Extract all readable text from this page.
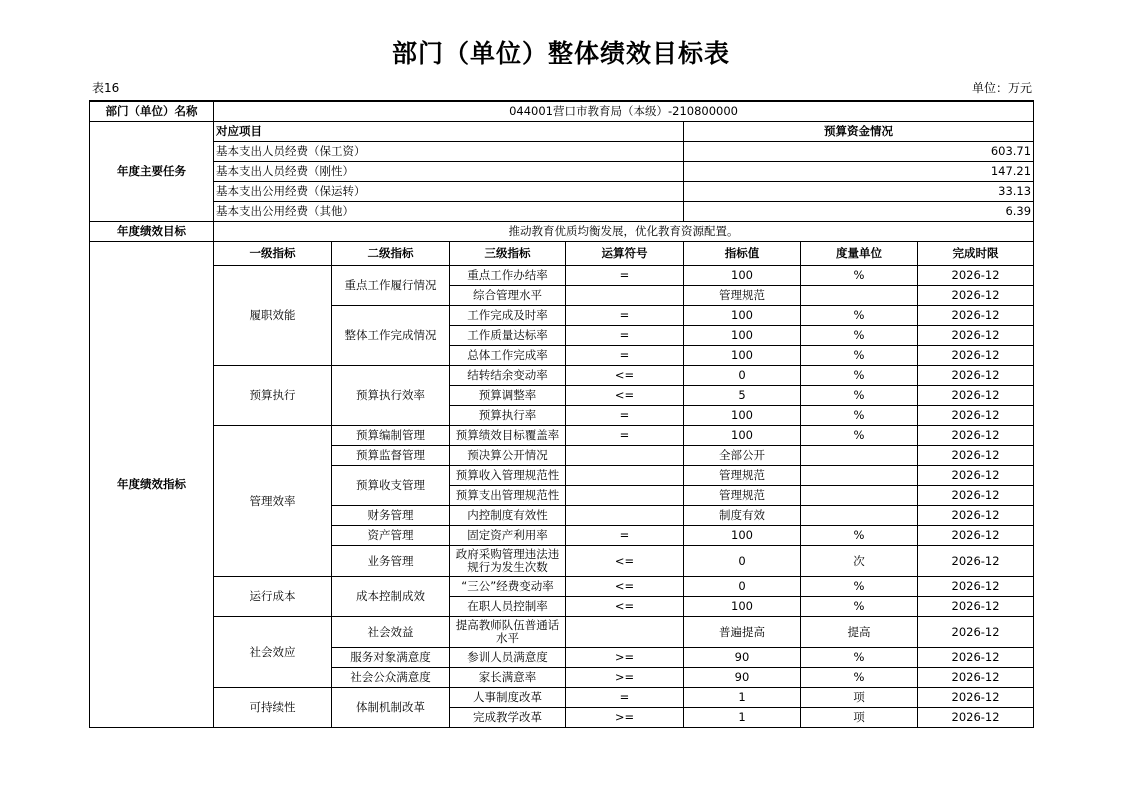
部门（单位）整体绩效目标表
表16	单位：万元
部门（单位）名称	044001营口市教育局（本级）-210800000						
年度主要任务	对应项目				预算资金情况		
	基本支出人员经费（保工资）				603.71		
	基本支出人员经费（刚性）				147.21		
	基本支出公用经费（保运转）				33.13		
	基本支出公用经费（其他）				6.39		
年度绩效目标	推动教育优质均衡发展，优化教育资源配置。						
年度绩效指标	一级指标	二级指标	三级指标	运算符号	指标值	度量单位	完成时限
	履职效能	重点工作履行情况	重点工作办结率	=	100	%	2026-12
			综合管理水平		管理规范		2026-12
		整体工作完成情况	工作完成及时率	=	100	%	2026-12
			工作质量达标率	=	100	%	2026-12
			总体工作完成率	=	100	%	2026-12
	预算执行	预算执行效率	结转结余变动率	<=	0	%	2026-12
			预算调整率	<=	5	%	2026-12
			预算执行率	=	100	%	2026-12
	管理效率	预算编制管理	预算绩效目标覆盖率	=	100	%	2026-12
		预算监督管理	预决算公开情况		全部公开		2026-12
		预算收支管理	预算收入管理规范性		管理规范		2026-12
			预算支出管理规范性		管理规范		2026-12
		财务管理	内控制度有效性		制度有效		2026-12
		资产管理	固定资产利用率	=	100	%	2026-12
		业务管理	政府采购管理违法违规行为发生次数	<=	0	次	2026-12
	运行成本	成本控制成效	“三公”经费变动率	<=	0	%	2026-12
			在职人员控制率	<=	100	%	2026-12
	社会效应	社会效益	提高教师队伍普通话水平		普遍提高	提高	2026-12
		服务对象满意度	参训人员满意度	>=	90	%	2026-12
		社会公众满意度	家长满意率	>=	90	%	2026-12
	可持续性	体制机制改革	人事制度改革	=	1	项	2026-12
			完成教学改革	>=	1	项	2026-12
